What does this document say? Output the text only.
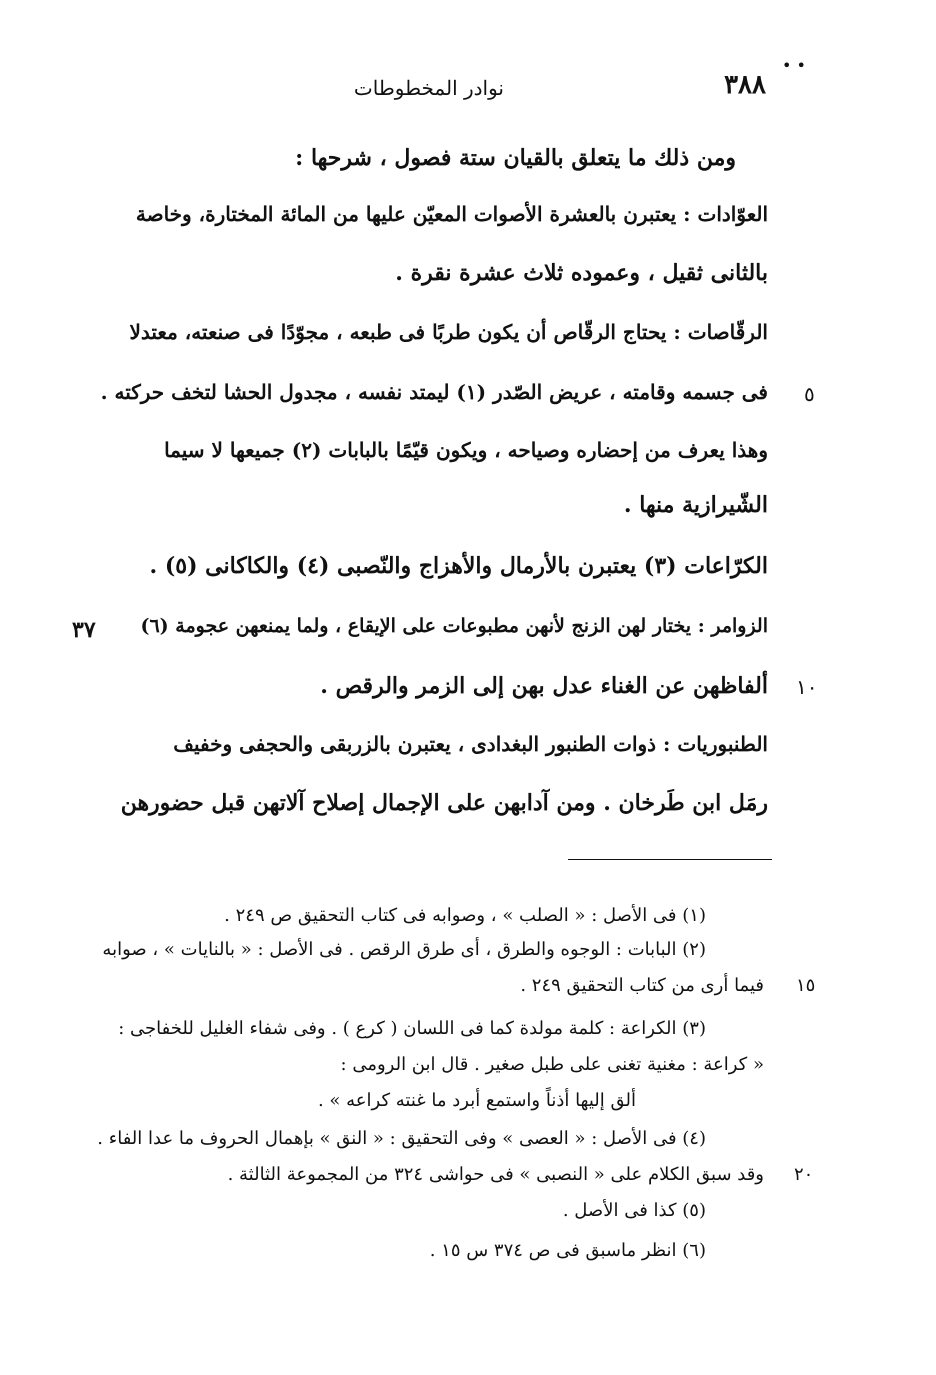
• •
٣٨٨
نوادر المخطوطات
ومن ذلك ما يتعلق بالقيان ستة فصول ، شرحها :
العوّادات : يعتبرن بالعشرة الأصوات المعيّن عليها من المائة المختارة، وخاصة
بالثانى ثقيل ، وعموده ثلاث عشرة نقرة .
الرقّاصات : يحتاج الرقّاص أن يكون طربًا فى طبعه ، مجوّدًا فى صنعته، معتدلا
فى جسمه وقامته ، عريض الصّدر (١) ليمتد نفسه ، مجدول الحشا لتخف حركته .
وهذا يعرف من إحضاره وصياحه ، ويكون قيّمًا بالبابات (٢) جميعها لا سيما
الشّيرازية منها .
الكرّاعات (٣) يعتبرن بالأرمال والأهزاج والنّصبى (٤) والكاكانى (٥) .
الزوامر : يختار لهن الزنج لأنهن مطبوعات على الإيقاع ، ولما يمنعهن عجومة (٦)
ألفاظهن عن الغناء عدل بهن إلى الزمر والرقص .
الطنبوريات : ذوات الطنبور البغدادى ، يعتبرن بالزربقى والحجفى وخفيف
رمَل ابن طَرخان . ومن آدابهن على الإجمال إصلاح آلاتهن قبل حضورهن
٥
٣٧
١٠
(١) فى الأصل : « الصلب » ، وصوابه فى كتاب التحقيق ص ٢٤٩ .
(٢) البابات : الوجوه والطرق ، أى طرق الرقص . فى الأصل : « بالنايات » ، صوابه
فيما أرى من كتاب التحقيق ٢٤٩ .
(٣) الكراعة : كلمة مولدة كما فى اللسان ( كرع ) . وفى شفاء الغليل للخفاجى :
« كراعة : مغنية تغنى على طبل صغير . قال ابن الرومى :
ألق إليها أذناً واستمع أبرد ما غنته كراعه » .
(٤) فى الأصل : « العصى » وفى التحقيق : « النق » بإهمال الحروف ما عدا الفاء .
وقد سبق الكلام على « النصبى » فى حواشى ٣٢٤ من المجموعة الثالثة .
(٥) كذا فى الأصل .
(٦) انظر ماسبق فى ص ٣٧٤ س ١٥ .
١٥
٢٠
